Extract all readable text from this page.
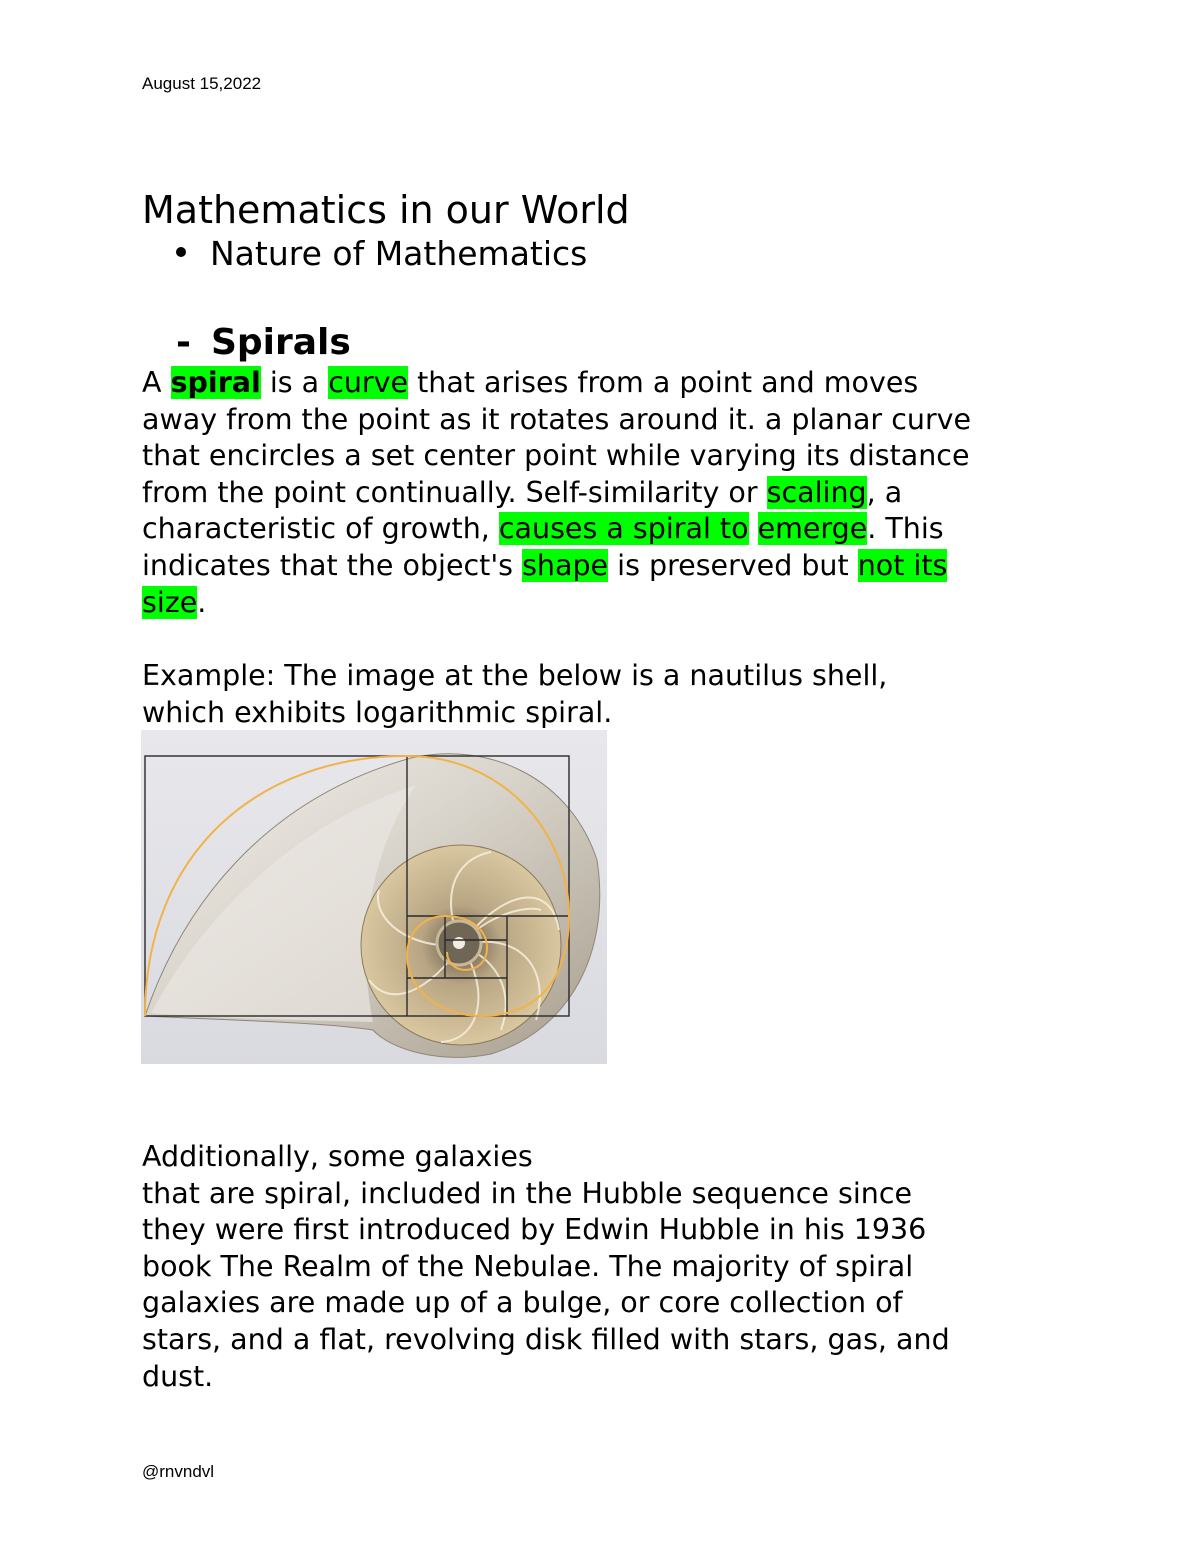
August 15,2022
Mathematics in our World
Nature of Mathematics
- Spirals
A spiral is a curve that arises from a point and moves
away from the point as it rotates around it. a planar curve
that encircles a set center point while varying its distance
from the point continually. Self-similarity or scaling, a
characteristic of growth, causes a spiral to emerge. This
indicates that the object's shape is preserved but not its
size.
Example: The image at the below is a nautilus shell,
which exhibits logarithmic spiral.
Additionally, some galaxies
that are spiral, included in the Hubble sequence since
they were first introduced by Edwin Hubble in his 1936
book The Realm of the Nebulae. The majority of spiral
galaxies are made up of a bulge, or core collection of
stars, and a flat, revolving disk filled with stars, gas, and
dust.
@rnvndvl
